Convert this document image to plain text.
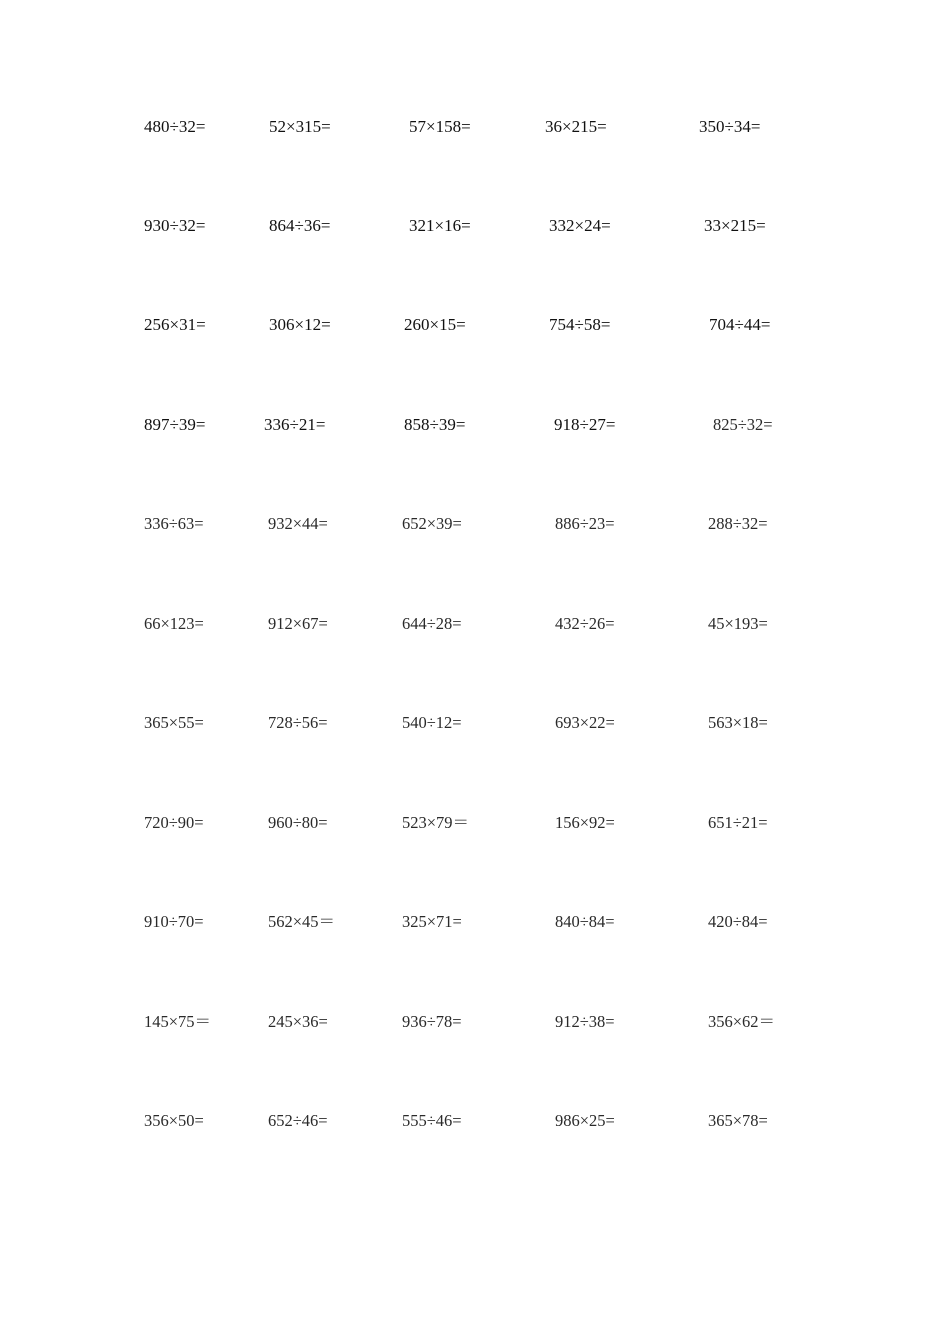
480÷32=	52×315=	57×158=	36×215=	350÷34=
930÷32=	864÷36=	321×16=	332×24=	33×215=
256×31=	306×12=	260×15=	754÷58=	704÷44=
897÷39=	336÷21=	858÷39=	918÷27=	825÷32=
336÷63=	932×44=	652×39=	886÷23=	288÷32=
66×123=	912×67=	644÷28=	432÷26=	45×193=
365×55=	728÷56=	540÷12=	693×22=	563×18=
720÷90=	960÷80=	523×79＝	156×92=	651÷21=
910÷70=	562×45＝	325×71=	840÷84=	420÷84=
145×75＝	245×36=	936÷78=	912÷38=	356×62＝
356×50=	652÷46=	555÷46=	986×25=	365×78=
